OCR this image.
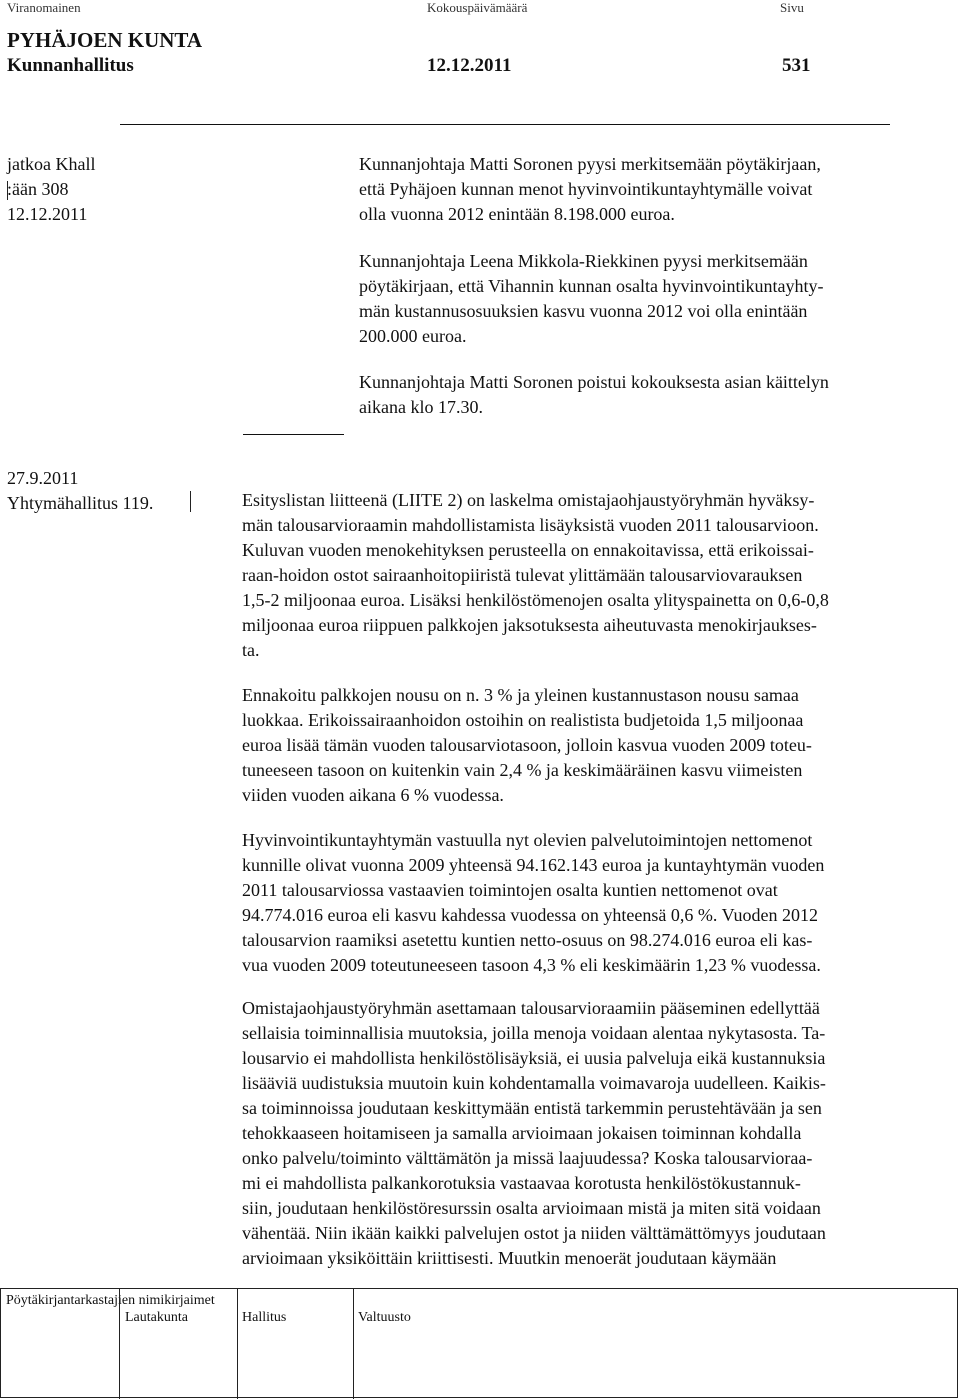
Viranomainen	Kokouspäivämäärä	Sivu
PYHÄJOEN KUNTA
Kunnanhallitus	12.12.2011	531
jatkoa Khall
:ään 308
12.12.2011
Kunnanjohtaja Matti Soronen pyysi merkitsemään pöytäkirjaan,
että Pyhäjoen kunnan menot hyvinvointikuntayhtymälle voivat
olla vuonna 2012 enintään 8.198.000 euroa.
Kunnanjohtaja Leena Mikkola-Riekkinen pyysi merkitsemään
pöytäkirjaan, että Vihannin kunnan osalta hyvinvointikuntayhty-
män kustannusosuuksien kasvu vuonna 2012 voi olla enintään
200.000 euroa.
Kunnanjohtaja Matti Soronen poistui kokouksesta asian käittelyn
aikana klo 17.30.
27.9.2011
Yhtymähallitus 119.	Esityslistan liitteenä (LIITE 2) on laskelma omistajaohjaustyöryhmän hyväksy-
män talousarvioraamin mahdollistamista lisäyksistä vuoden 2011 talousarvioon.
Kuluvan vuoden menokehityksen perusteella on ennakoitavissa, että erikoissai-
raan-hoidon ostot sairaanhoitopiiristä tulevat ylittämään talousarviovarauksen
1,5-2 miljoonaa euroa. Lisäksi henkilöstömenojen osalta ylityspainetta on 0,6-0,8
miljoonaa euroa riippuen palkkojen jaksotuksesta aiheutuvasta menokirjaukses-
ta.
Ennakoitu palkkojen nousu on n. 3 % ja yleinen kustannustason nousu samaa
luokkaa. Erikoissairaanhoidon ostoihin on realistista budjetoida 1,5 miljoonaa
euroa lisää tämän vuoden talousarviotasoon, jolloin kasvua vuoden 2009 toteu-
tuneeseen tasoon on kuitenkin vain 2,4 % ja keskimääräinen kasvu viimeisten
viiden vuoden aikana 6 % vuodessa.
Hyvinvointikuntayhtymän vastuulla nyt olevien palvelutoimintojen nettomenot
kunnille olivat vuonna 2009 yhteensä 94.162.143 euroa ja kuntayhtymän vuoden
2011 talousarviossa vastaavien toimintojen osalta kuntien nettomenot ovat
94.774.016 euroa eli kasvu kahdessa vuodessa on yhteensä 0,6 %. Vuoden 2012
talousarvion raamiksi asetettu kuntien netto-osuus on 98.274.016 euroa eli kas-
vua vuoden 2009 toteutuneeseen tasoon 4,3 % eli keskimäärin 1,23 % vuodessa.
Omistajaohjaustyöryhmän asettamaan talousarvioraamiin pääseminen edellyttää
sellaisia toiminnallisia muutoksia, joilla menoja voidaan alentaa nykytasosta. Ta-
lousarvio ei mahdollista henkilöstölisäyksiä, ei uusia palveluja eikä kustannuksia
lisääviä uudistuksia muutoin kuin kohdentamalla voimavaroja uudelleen. Kaikis-
sa toiminnoissa joudutaan keskittymään entistä tarkemmin perustehtävään ja sen
tehokkaaseen hoitamiseen ja samalla arvioimaan jokaisen toiminnan kohdalla
onko palvelu/toiminto välttämätön ja missä laajuudessa? Koska talousarvioraa-
mi ei mahdollista palkankorotuksia vastaavaa korotusta henkilöstökustannuk-
siin, joudutaan henkilöstöresurssin osalta arvioimaan mistä ja miten sitä voidaan
vähentää. Niin ikään kaikki palvelujen ostot ja niiden välttämättömyys joudutaan
arvioimaan yksiköittäin kriittisesti. Muutkin menoerät joudutaan käymään
Pöytäkirjantarkastajien nimikirjaimet
Lautakunta	Hallitus	Valtuusto
